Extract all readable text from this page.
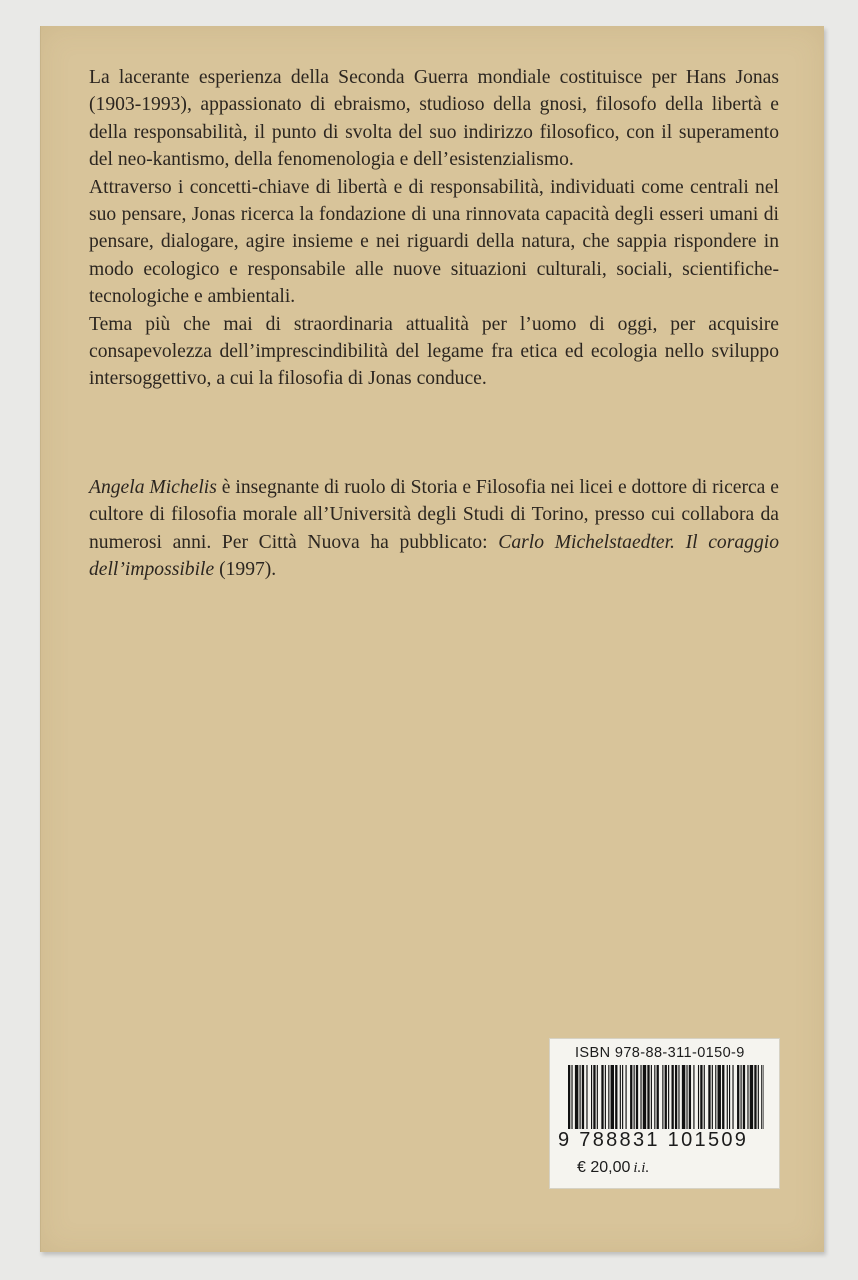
La lacerante esperienza della Seconda Guerra mondiale costituisce per Hans Jonas (1903-1993), appassionato di ebraismo, studioso della gnosi, filosofo della libertà e della responsabilità, il punto di svolta del suo indirizzo filosofico, con il superamento del neo-kantismo, della fenomenologia e dell’esistenzialismo.

Attraverso i concetti-chiave di libertà e di responsabilità, individuati come centrali nel suo pensare, Jonas ricerca la fondazione di una rinnovata capacità degli esseri umani di pensare, dialogare, agire insieme e nei riguardi della natura, che sappia rispondere in modo ecologico e responsabile alle nuove situazioni culturali, sociali, scientifiche-tecnologiche e ambientali.

Tema più che mai di straordinaria attualità per l’uomo di oggi, per acquisire consapevolezza dell’imprescindibilità del legame fra etica ed ecologia nello sviluppo intersoggettivo, a cui la filosofia di Jonas conduce.

Angela Michelis è insegnante di ruolo di Storia e Filosofia nei licei e dottore di ricerca e cultore di filosofia morale all’Università degli Studi di Torino, presso cui collabora da numerosi anni. Per Città Nuova ha pubblicato: Carlo Michelstaedter. Il coraggio dell’impossibile (1997).
ISBN 978-88-311-0150-9
9 788831 101509
€ 20,00 i.i.
